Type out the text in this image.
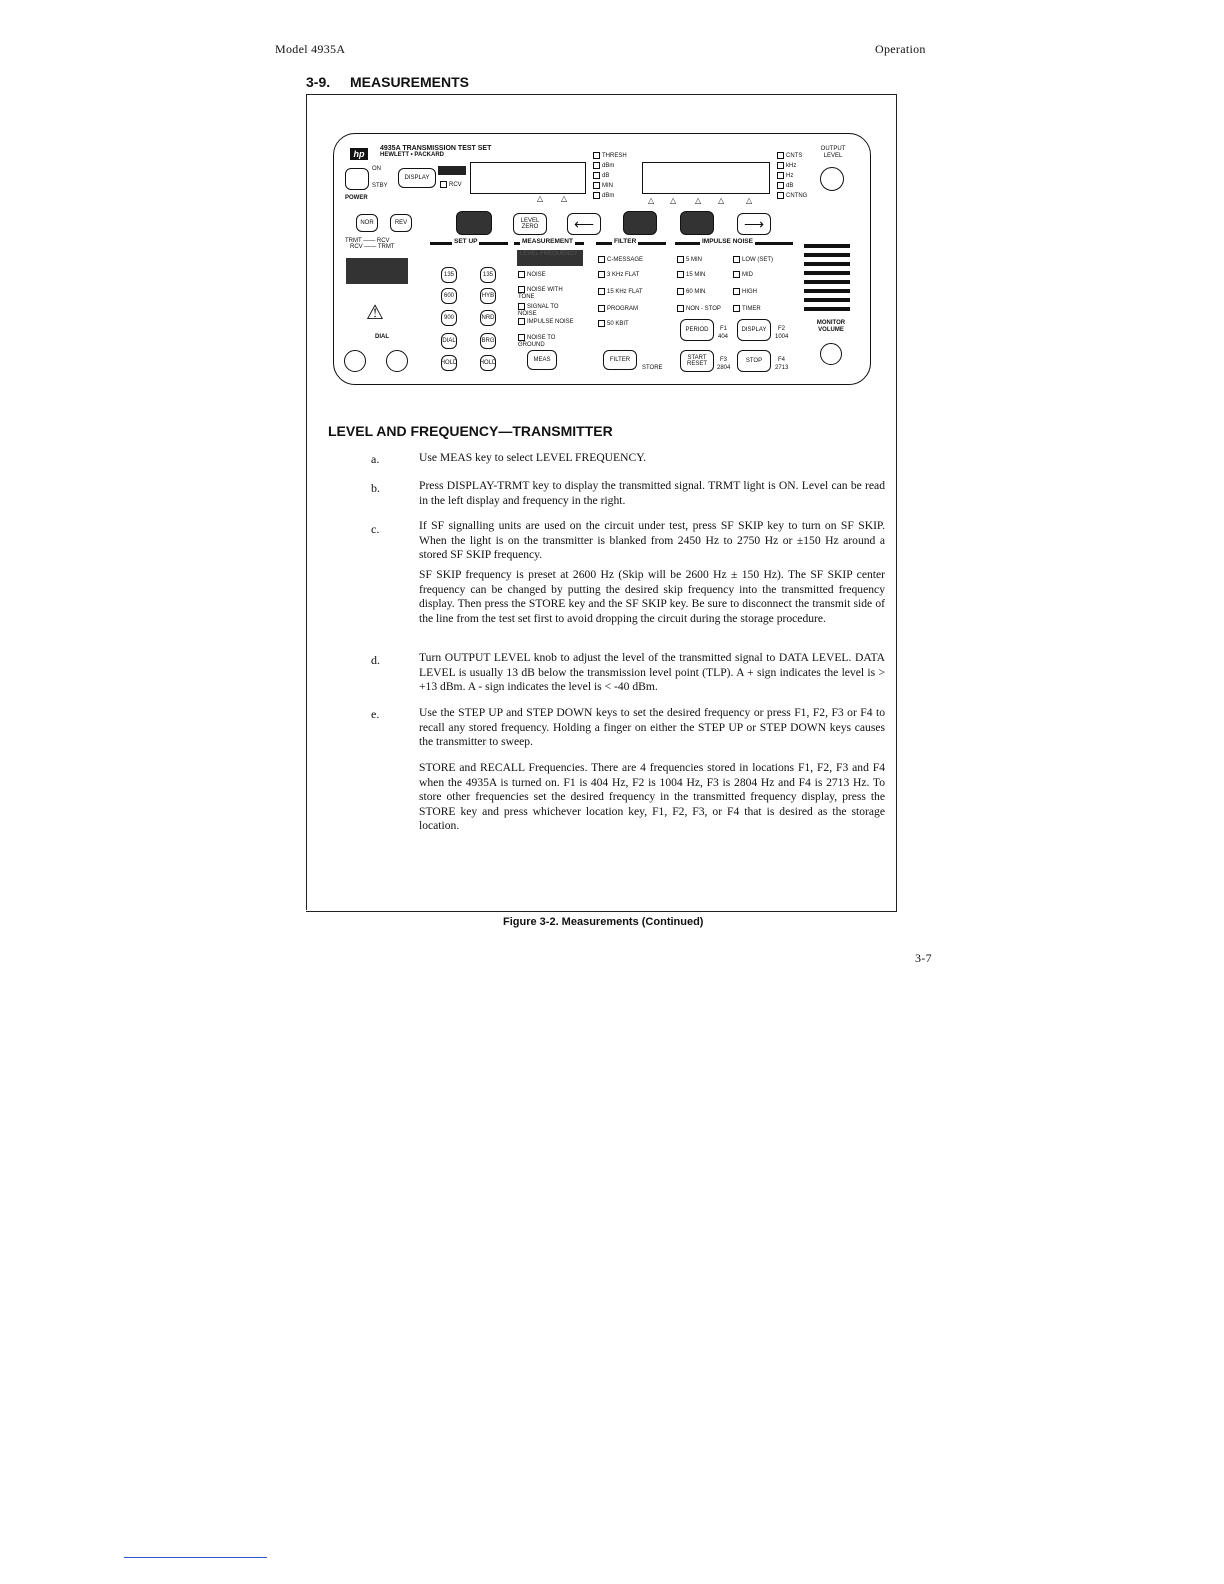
Model 4935A	Operation
3-9. MEASUREMENTS
hp
4935A TRANSMISSION TEST SET
HEWLETT • PACKARD
ON
STBY
POWER
DISPLAY
RCV
THRESH
dBm
dB
MIN
dBm
CNTS
kHz
Hz
dB
CNTNG
OUTPUT LEVEL
△ △	△ △ △ △	△
NOR	REV
TRMT —— RCV
RCV —— TRMT
LEVEL ZERO	⟵	⟶
⚠
DIAL
SET UP	MEASUREMENT	FILTER	IMPULSE NOISE
135
600
900
DIAL
HOLD
135
HYB
NRD
BRG
HOLD
LEVEL FREQUENCY
NOISE
NOISE WITH TONE
SIGNAL TO NOISE
IMPULSE NOISE
NOISE TO GROUND
MEAS
C-MESSAGE
3 KHz FLAT
15 KHz FLAT
PROGRAM
50 KBIT
FILTER
STORE
5 MIN	LOW (SET)
15 MIN	MID
60 MIN	HIGH
NON - STOP	TIMER
PERIOD	F1
404
DISPLAY	F2
1004
START RESET
F3
2804
STOP	F4
2713
MONITOR VOLUME
LEVEL AND FREQUENCY—TRANSMITTER
a.	Use MEAS key to select LEVEL FREQUENCY.
b.	Press DISPLAY-TRMT key to display the transmitted signal. TRMT light is ON. Level can be read in the left display and frequency in the right.
c.	If SF signalling units are used on the circuit under test, press SF SKIP key to turn on SF SKIP. When the light is on the transmitter is blanked from 2450 Hz to 2750 Hz or ±150 Hz around a stored SF SKIP frequency.
SF SKIP frequency is preset at 2600 Hz (Skip will be 2600 Hz ± 150 Hz). The SF SKIP center frequency can be changed by putting the desired skip frequency into the transmitted frequency display. Then press the STORE key and the SF SKIP key. Be sure to disconnect the transmit side of the line from the test set first to avoid dropping the circuit during the storage procedure.
d.	Turn OUTPUT LEVEL knob to adjust the level of the transmitted signal to DATA LEVEL. DATA LEVEL is usually 13 dB below the transmission level point (TLP). A + sign indicates the level is > +13 dBm. A - sign indicates the level is < -40 dBm.
e.	Use the STEP UP and STEP DOWN keys to set the desired frequency or press F1, F2, F3 or F4 to recall any stored frequency. Holding a finger on either the STEP UP or STEP DOWN keys causes the transmitter to sweep.
STORE and RECALL Frequencies. There are 4 frequencies stored in locations F1, F2, F3 and F4 when the 4935A is turned on. F1 is 404 Hz, F2 is 1004 Hz, F3 is 2804 Hz and F4 is 2713 Hz. To store other frequencies set the desired frequency in the transmitted frequency display, press the STORE key and press whichever location key, F1, F2, F3, or F4 that is desired as the storage location.
Figure 3-2. Measurements (Continued)
3-7
